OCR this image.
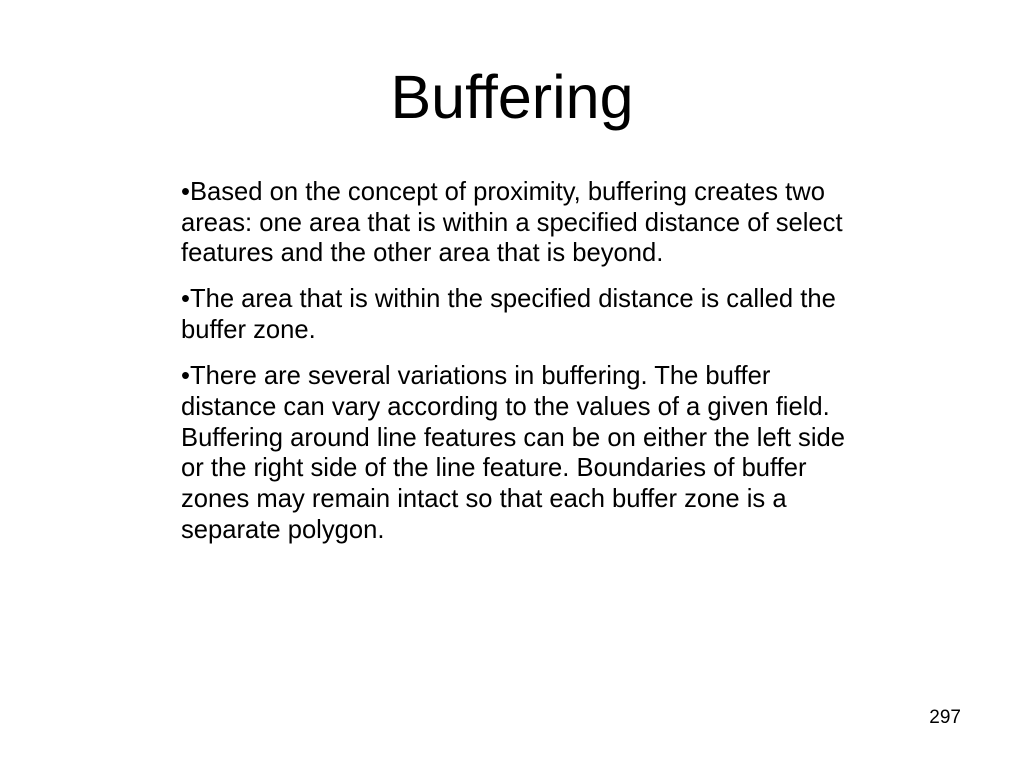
Buffering
•Based on the concept of proximity, buffering creates two areas: one area that is within a specified distance of select features and the other area that is beyond.
•The area that is within the specified distance is called the buffer zone.
•There are several variations in buffering. The buffer distance can vary according to the values of a given field. Buffering around line features can be on either the left side or the right side of the line feature. Boundaries of buffer zones may remain intact so that each buffer zone is a separate polygon.
297
